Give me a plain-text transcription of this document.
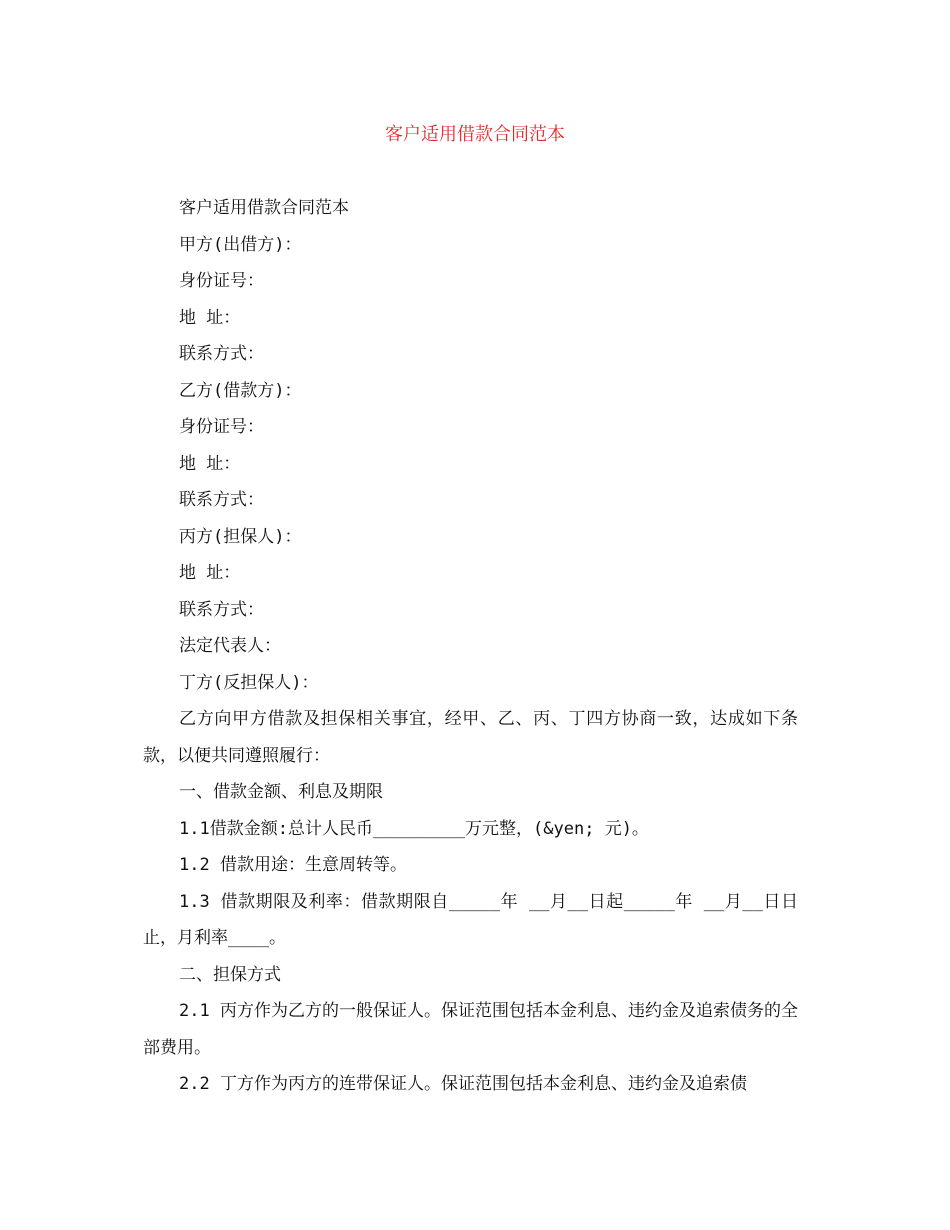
客户适用借款合同范本
客户适用借款合同范本
甲方(出借方)：
身份证号：
地 址：
联系方式：
乙方(借款方)：
身份证号：
地 址：
联系方式：
丙方(担保人)：
地 址：
联系方式：
法定代表人：
丁方(反担保人)：
乙方向甲方借款及担保相关事宜，经甲、乙、丙、丁四方协商一致，达成如下条款，以便共同遵照履行：
一、借款金额、利息及期限
1.1借款金额:总计人民币_________万元整，(&yen; 元)。
1.2 借款用途：生意周转等。
1.3 借款期限及利率：借款期限自_____年 __月__日起_____年 __月__日日止，月利率____。
二、担保方式
2.1 丙方作为乙方的一般保证人。保证范围包括本金利息、违约金及追索债务的全部费用。
2.2 丁方作为丙方的连带保证人。保证范围包括本金利息、违约金及追索债
